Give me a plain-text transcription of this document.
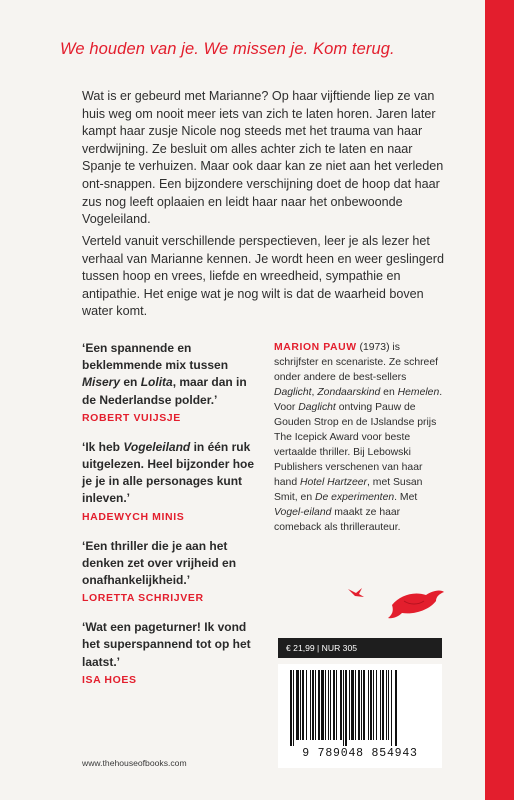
We houden van je. We missen je. Kom terug.

Wat is er gebeurd met Marianne? Op haar vijftiende liep ze van huis weg om nooit meer iets van zich te laten horen. Jaren later kampt haar zusje Nicole nog steeds met het trauma van haar verdwijning. Ze besluit om alles achter zich te laten en naar Spanje te verhuizen. Maar ook daar kan ze niet aan het verleden ont-snappen. Een bijzondere verschijning doet de hoop dat haar zus nog leeft oplaaien en leidt haar naar het onbewoonde Vogeleiland.

Verteld vanuit verschillende perspectieven, leer je als lezer het verhaal van Marianne kennen. Je wordt heen en weer geslingerd tussen hoop en vrees, liefde en wreedheid, sympathie en antipathie. Het enige wat je nog wilt is dat de waarheid boven water komt.

‘Een spannende en beklemmende mix tussen Misery en Lolita, maar dan in de Nederlandse polder.’

ROBERT VUIJSJE

‘Ik heb Vogeleiland in één ruk uitgelezen. Heel bijzonder hoe je je in alle personages kunt inleven.’

HADEWYCH MINIS

‘Een thriller die je aan het denken zet over vrijheid en onafhankelijkheid.’

LORETTA SCHRIJVER

‘Wat een pageturner! Ik vond het superspannend tot op het laatst.’

ISA HOES

MARION PAUW (1973) is schrijfster en scenariste. Ze schreef onder andere de best-sellers Daglicht, Zondaarskind en Hemelen. Voor Daglicht ontving Pauw de Gouden Strop en de IJslandse prijs The Icepick Award voor beste vertaalde thriller. Bij Lebowski Publishers verschenen van haar hand Hotel Hartzeer, met Susan Smit, en De experimenten. Met Vogel-eiland maakt ze haar comeback als thrillerauteur.

€ 21,99 | NUR 305
9 789048 854943
www.thehouseofbooks.com
